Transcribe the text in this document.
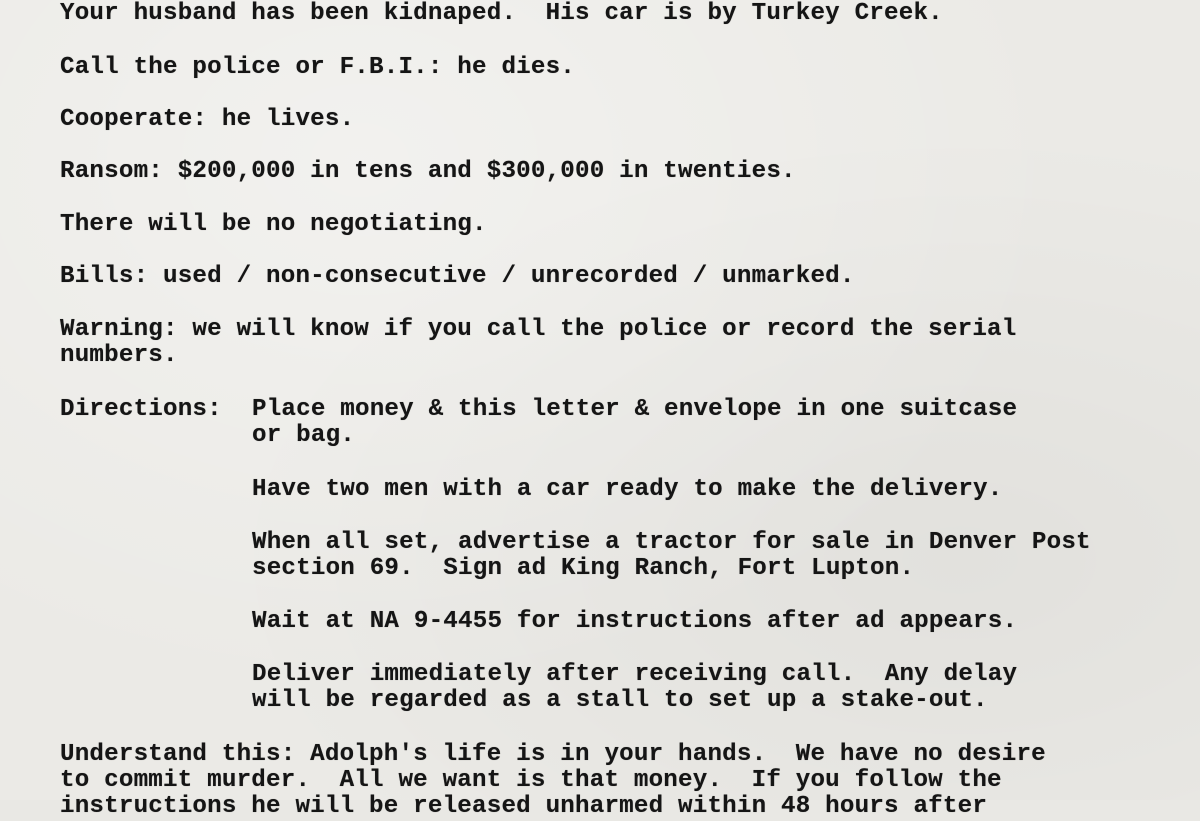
Your husband has been kidnaped.  His car is by Turkey Creek.
Call the police or F.B.I.: he dies.
Cooperate: he lives.
Ransom: $200,000 in tens and $300,000 in twenties.
There will be no negotiating.
Bills: used / non-consecutive / unrecorded / unmarked.
Warning: we will know if you call the police or record the serial
numbers.
Directions: Place money & this letter & envelope in one suitcase
or bag.
Have two men with a car ready to make the delivery.
When all set, advertise a tractor for sale in Denver Post
section 69.  Sign ad King Ranch, Fort Lupton.
Wait at NA 9-4455 for instructions after ad appears.
Deliver immediately after receiving call.  Any delay
will be regarded as a stall to set up a stake-out.
Understand this: Adolph's life is in your hands.  We have no desire
to commit murder.  All we want is that money.  If you follow the
instructions he will be released unharmed within 48 hours after
